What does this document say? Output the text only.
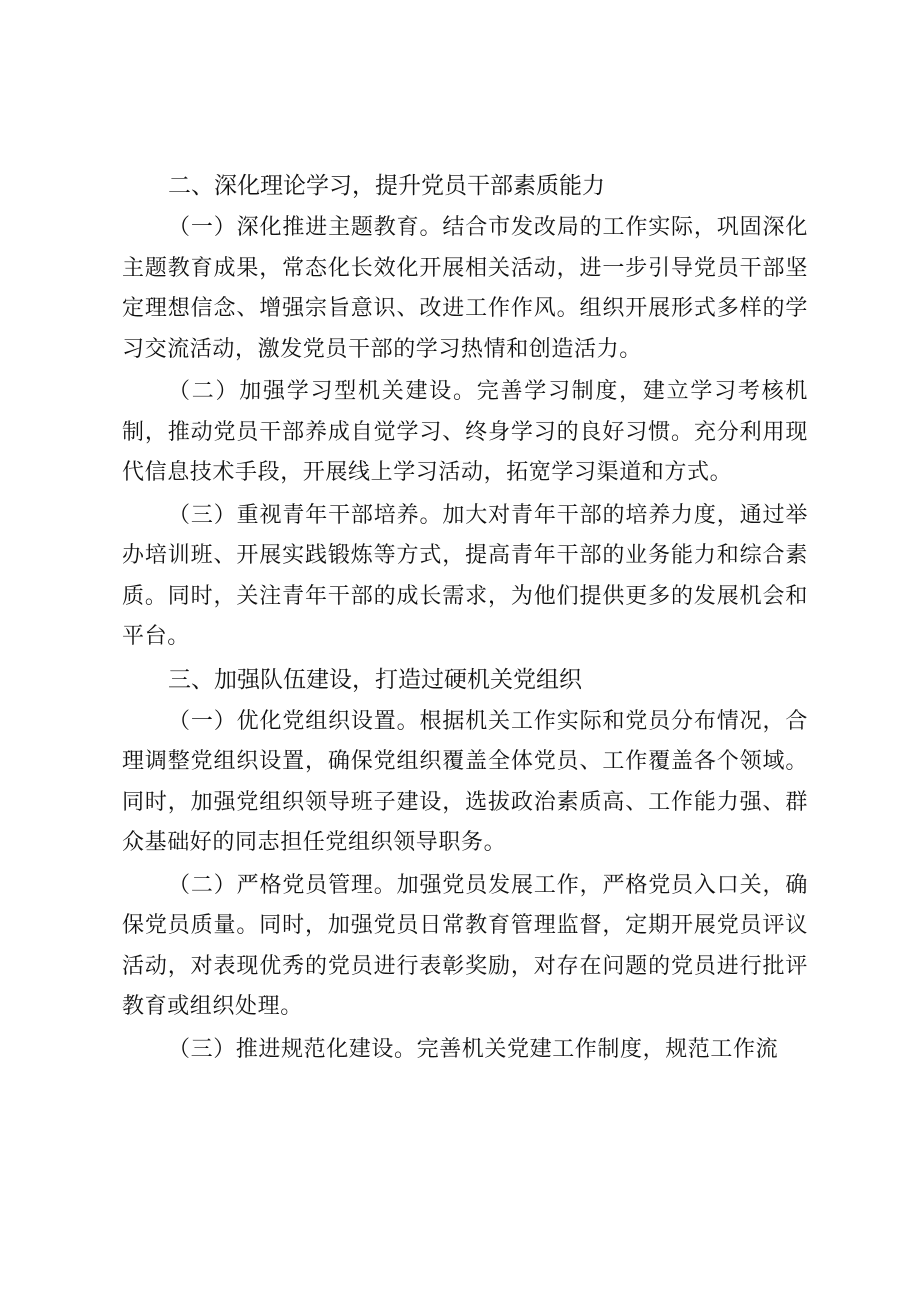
二、深化理论学习，提升党员干部素质能力

（一）深化推进主题教育。结合市发改局的工作实际，巩固深化主题教育成果，常态化长效化开展相关活动，进一步引导党员干部坚定理想信念、增强宗旨意识、改进工作作风。组织开展形式多样的学习交流活动，激发党员干部的学习热情和创造活力。

（二）加强学习型机关建设。完善学习制度，建立学习考核机制，推动党员干部养成自觉学习、终身学习的良好习惯。充分利用现代信息技术手段，开展线上学习活动，拓宽学习渠道和方式。

（三）重视青年干部培养。加大对青年干部的培养力度，通过举办培训班、开展实践锻炼等方式，提高青年干部的业务能力和综合素质。同时，关注青年干部的成长需求，为他们提供更多的发展机会和平台。

三、加强队伍建设，打造过硬机关党组织

（一）优化党组织设置。根据机关工作实际和党员分布情况，合理调整党组织设置，确保党组织覆盖全体党员、工作覆盖各个领域。同时，加强党组织领导班子建设，选拔政治素质高、工作能力强、群众基础好的同志担任党组织领导职务。

（二）严格党员管理。加强党员发展工作，严格党员入口关，确保党员质量。同时，加强党员日常教育管理监督，定期开展党员评议活动，对表现优秀的党员进行表彰奖励，对存在问题的党员进行批评教育或组织处理。

（三）推进规范化建设。完善机关党建工作制度，规范工作流
